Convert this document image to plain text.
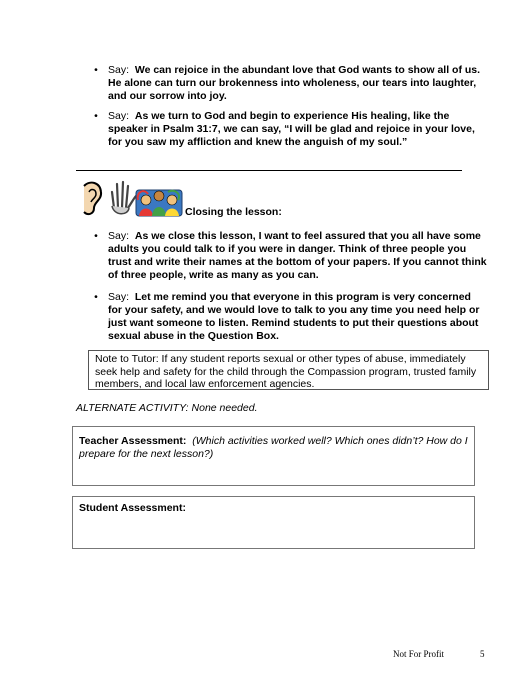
• Say: We can rejoice in the abundant love that God wants to show all of us. He alone can turn our brokenness into wholeness, our tears into laughter, and our sorrow into joy.
• Say: As we turn to God and begin to experience His healing, like the speaker in Psalm 31:7, we can say, “I will be glad and rejoice in your love, for you saw my affliction and knew the anguish of my soul.”
Closing the lesson:
• Say: As we close this lesson, I want to feel assured that you all have some adults you could talk to if you were in danger. Think of three people you trust and write their names at the bottom of your papers. If you cannot think of three people, write as many as you can.
• Say: Let me remind you that everyone in this program is very concerned for your safety, and we would love to talk to you any time you need help or just want someone to listen. Remind students to put their questions about sexual abuse in the Question Box.
Note to Tutor: If any student reports sexual or other types of abuse, immediately seek help and safety for the child through the Compassion program, trusted family members, and local law enforcement agencies.
ALTERNATE ACTIVITY: None needed.
Teacher Assessment: (Which activities worked well? Which ones didn’t? How do I prepare for the next lesson?)
Student Assessment:
Not For Profit	5
